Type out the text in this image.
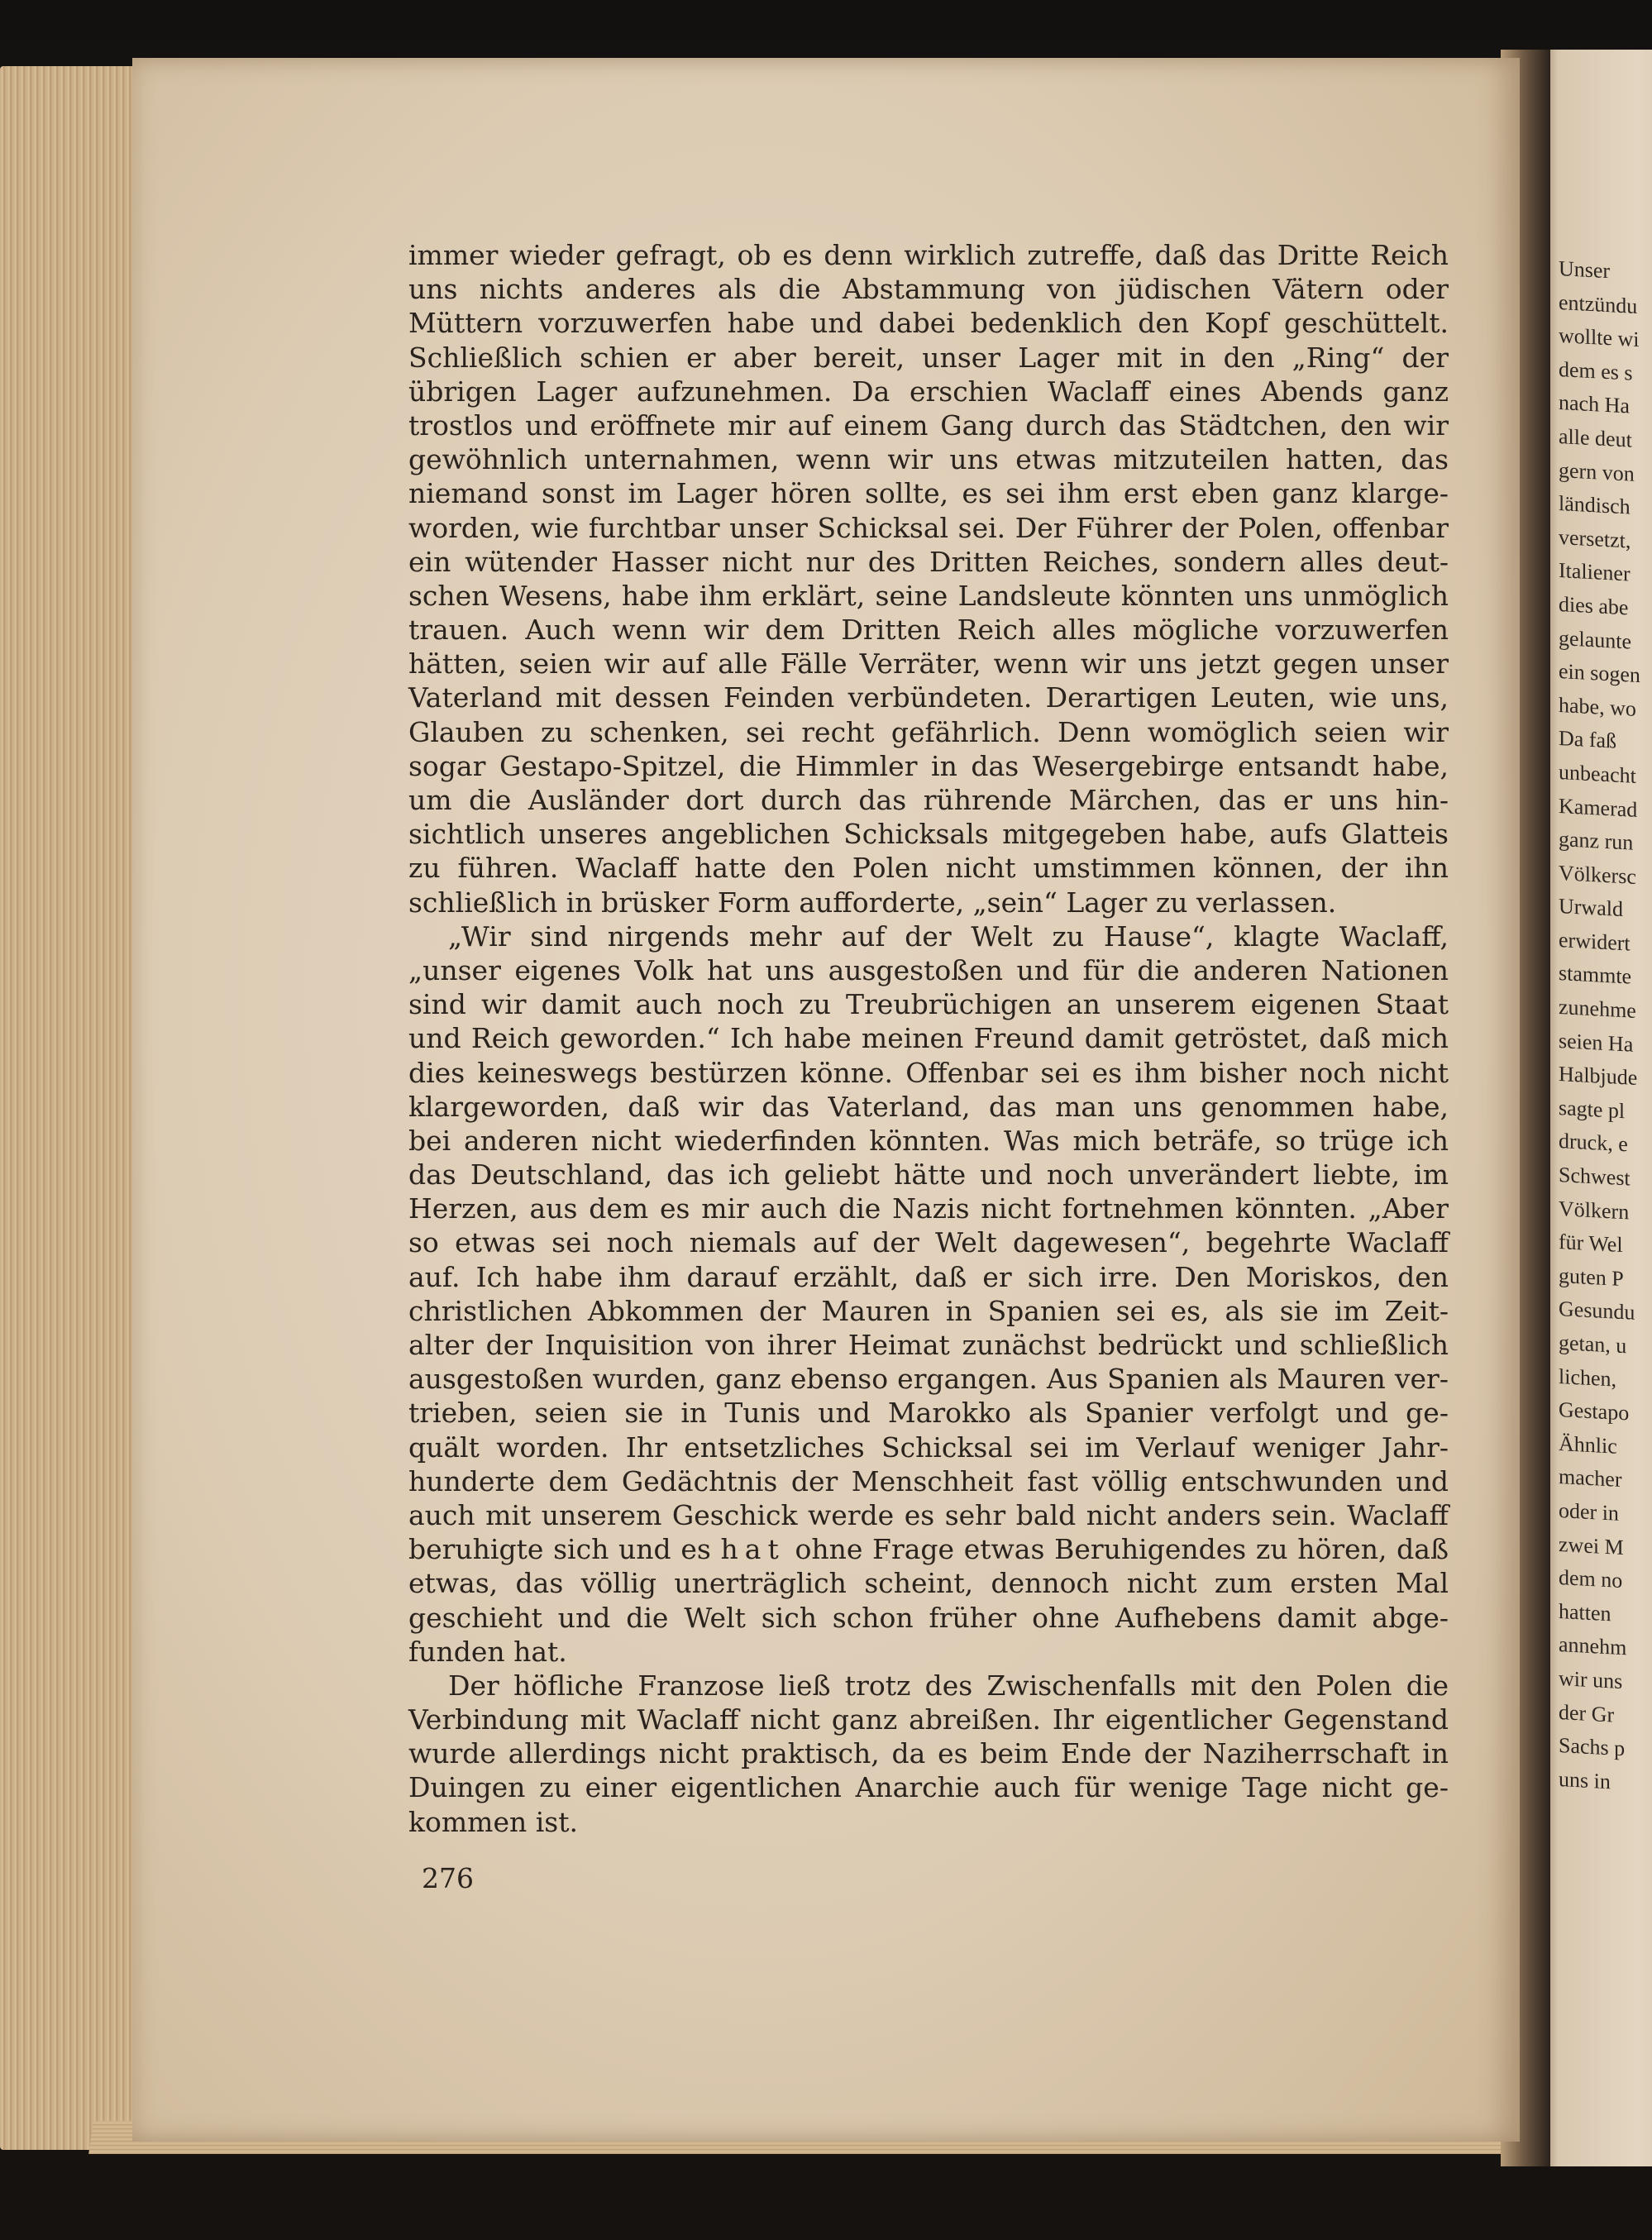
immer wieder gefragt, ob es denn wirklich zutreffe, daß das Dritte Reich
uns nichts anderes als die Abstammung von jüdischen Vätern oder
Müttern vorzuwerfen habe und dabei bedenklich den Kopf geschüttelt.
Schließlich schien er aber bereit, unser Lager mit in den „Ring“ der
übrigen Lager aufzunehmen. Da erschien Waclaff eines Abends ganz
trostlos und eröffnete mir auf einem Gang durch das Städtchen, den wir
gewöhnlich unternahmen, wenn wir uns etwas mitzuteilen hatten, das
niemand sonst im Lager hören sollte, es sei ihm erst eben ganz klarge-
worden, wie furchtbar unser Schicksal sei. Der Führer der Polen, offenbar
ein wütender Hasser nicht nur des Dritten Reiches, sondern alles deut-
schen Wesens, habe ihm erklärt, seine Landsleute könnten uns unmöglich
trauen. Auch wenn wir dem Dritten Reich alles mögliche vorzuwerfen
hätten, seien wir auf alle Fälle Verräter, wenn wir uns jetzt gegen unser
Vaterland mit dessen Feinden verbündeten. Derartigen Leuten, wie uns,
Glauben zu schenken, sei recht gefährlich. Denn womöglich seien wir
sogar Gestapo-Spitzel, die Himmler in das Wesergebirge entsandt habe,
um die Ausländer dort durch das rührende Märchen, das er uns hin-
sichtlich unseres angeblichen Schicksals mitgegeben habe, aufs Glatteis
zu führen. Waclaff hatte den Polen nicht umstimmen können, der ihn
schließlich in brüsker Form aufforderte, „sein“ Lager zu verlassen.
„Wir sind nirgends mehr auf der Welt zu Hause“, klagte Waclaff,
„unser eigenes Volk hat uns ausgestoßen und für die anderen Nationen
sind wir damit auch noch zu Treubrüchigen an unserem eigenen Staat
und Reich geworden.“ Ich habe meinen Freund damit getröstet, daß mich
dies keineswegs bestürzen könne. Offenbar sei es ihm bisher noch nicht
klargeworden, daß wir das Vaterland, das man uns genommen habe,
bei anderen nicht wiederfinden könnten. Was mich beträfe, so trüge ich
das Deutschland, das ich geliebt hätte und noch unverändert liebte, im
Herzen, aus dem es mir auch die Nazis nicht fortnehmen könnten. „Aber
so etwas sei noch niemals auf der Welt dagewesen“, begehrte Waclaff
auf. Ich habe ihm darauf erzählt, daß er sich irre. Den Moriskos, den
christlichen Abkommen der Mauren in Spanien sei es, als sie im Zeit-
alter der Inquisition von ihrer Heimat zunächst bedrückt und schließlich
ausgestoßen wurden, ganz ebenso ergangen. Aus Spanien als Mauren ver-
trieben, seien sie in Tunis und Marokko als Spanier verfolgt und ge-
quält worden. Ihr entsetzliches Schicksal sei im Verlauf weniger Jahr-
hunderte dem Gedächtnis der Menschheit fast völlig entschwunden und
auch mit unserem Geschick werde es sehr bald nicht anders sein. Waclaff
beruhigte sich und es hat ohne Frage etwas Beruhigendes zu hören, daß
etwas, das völlig unerträglich scheint, dennoch nicht zum ersten Mal
geschieht und die Welt sich schon früher ohne Aufhebens damit abge-
funden hat.
Der höfliche Franzose ließ trotz des Zwischenfalls mit den Polen die
Verbindung mit Waclaff nicht ganz abreißen. Ihr eigentlicher Gegenstand
wurde allerdings nicht praktisch, da es beim Ende der Naziherrschaft in
Duingen zu einer eigentlichen Anarchie auch für wenige Tage nicht ge-
kommen ist.
276
Unser
entzündu
wollte wi
dem es s
nach Ha
alle deut
gern von
ländisch
versetzt,
Italiener
dies abe
gelaunte
ein sogen
habe, wo
Da faß
unbeacht
Kamerad
ganz run
Völkersc
Urwald
erwidert
stammte
zunehme
seien Ha
Halbjude
sagte pl
druck, e
Schwest
Völkern
für Wel
guten P
Gesundu
getan, u
lichen,
Gestapo
Ähnlic
macher
oder in
zwei M
dem no
hatten
annehm
wir uns
der Gr
Sachs p
uns in
